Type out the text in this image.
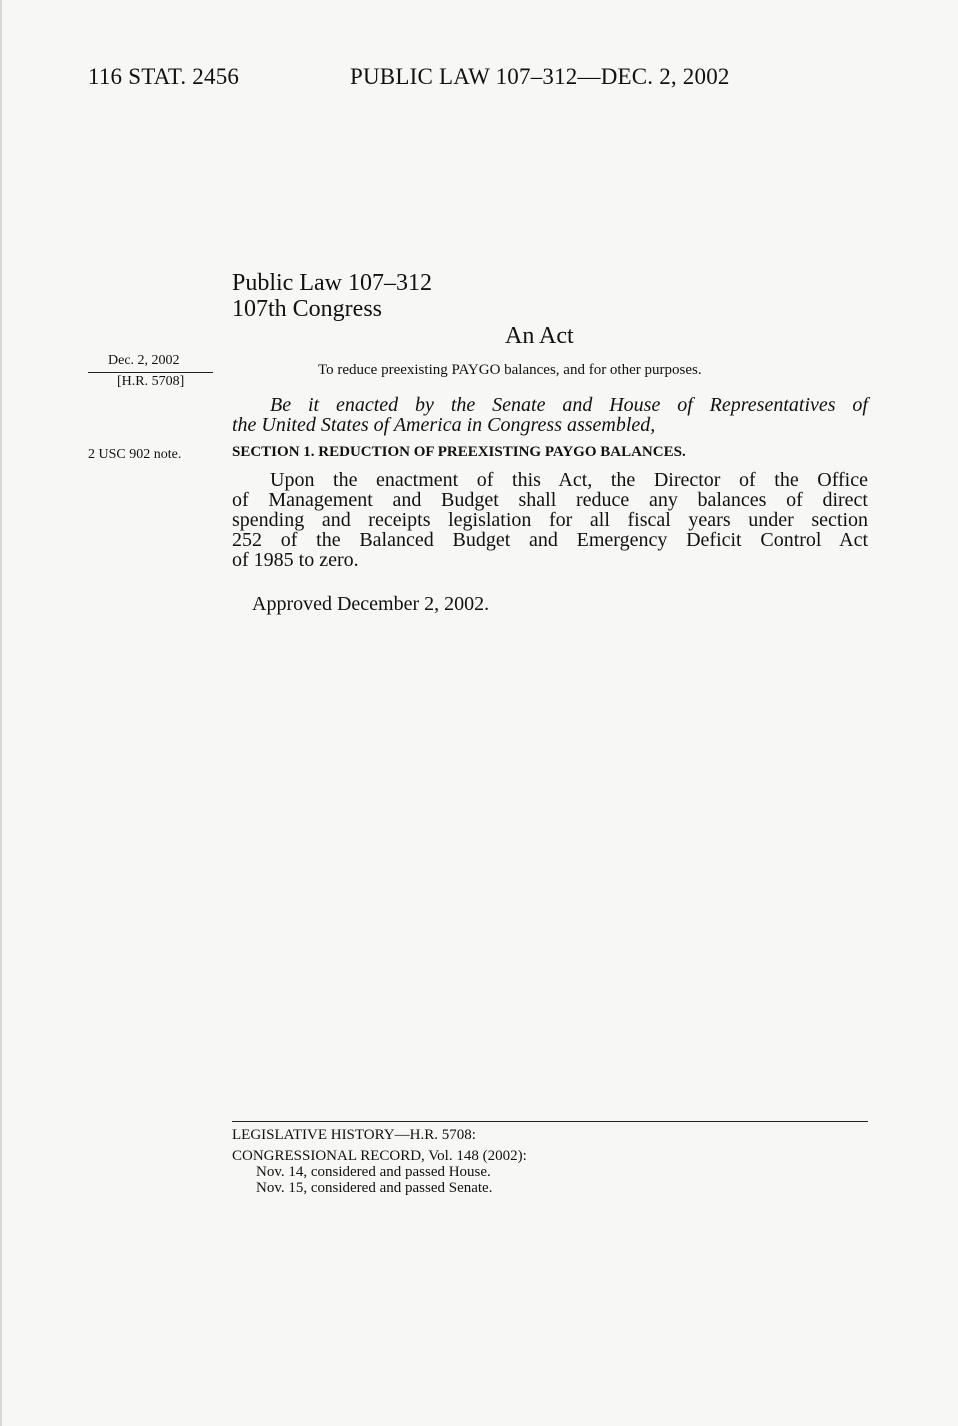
116 STAT. 2456	PUBLIC LAW 107–312—DEC. 2, 2002
Public Law 107–312
107th Congress
An Act
Dec. 2, 2002
[H.R. 5708]
2 USC 902 note.
To reduce preexisting PAYGO balances, and for other purposes.
Be it enacted by the Senate and House of Representatives of
the United States of America in Congress assembled,
SECTION 1. REDUCTION OF PREEXISTING PAYGO BALANCES.
Upon the enactment of this Act, the Director of the Office
of Management and Budget shall reduce any balances of direct
spending and receipts legislation for all fiscal years under section
252 of the Balanced Budget and Emergency Deficit Control Act
of 1985 to zero.
Approved December 2, 2002.
LEGISLATIVE HISTORY—H.R. 5708:
CONGRESSIONAL RECORD, Vol. 148 (2002):
Nov. 14, considered and passed House.
Nov. 15, considered and passed Senate.
